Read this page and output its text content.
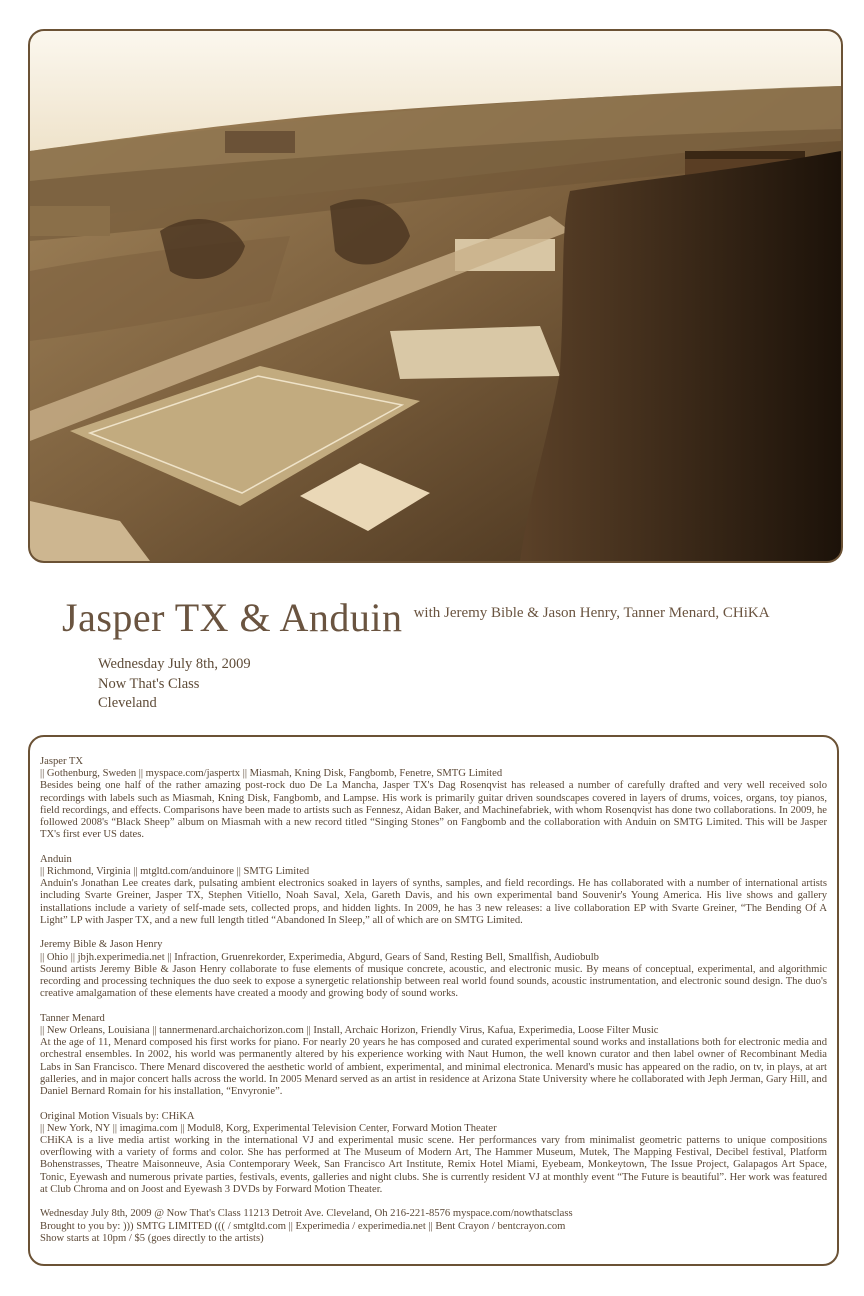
Jasper TX & Anduin with Jeremy Bible & Jason Henry, Tanner Menard, CHiKA
Wednesday July 8th, 2009
Now That's Class
Cleveland
Jasper TX
|| Gothenburg, Sweden || myspace.com/jaspertx || Miasmah, Kning Disk, Fangbomb, Fenetre, SMTG Limited
Besides being one half of the rather amazing post-rock duo De La Mancha, Jasper TX's Dag Rosenqvist has released a number of carefully drafted and very well received solo recordings with labels such as Miasmah, Kning Disk, Fangbomb, and Lampse. His work is primarily guitar driven soundscapes covered in layers of drums, voices, organs, toy pianos, field recordings, and effects. Comparisons have been made to artists such as Fennesz, Aidan Baker, and Machinefabriek, with whom Rosenqvist has done two collaborations. In 2009, he followed 2008's “Black Sheep” album on Miasmah with a new record titled “Singing Stones” on Fangbomb and the collaboration with Anduin on SMTG Limited. This will be Jasper TX's first ever US dates.
Anduin
|| Richmond, Virginia || mtgltd.com/anduinore || SMTG Limited
Anduin's Jonathan Lee creates dark, pulsating ambient electronics soaked in layers of synths, samples, and field recordings. He has collaborated with a number of international artists including Svarte Greiner, Jasper TX, Stephen Vitiello, Noah Saval, Xela, Gareth Davis, and his own experimental band Souvenir's Young America. His live shows and gallery installations include a variety of self-made sets, collected props, and hidden lights. In 2009, he has 3 new releases: a live collaboration EP with Svarte Greiner, “The Bending Of A Light” LP with Jasper TX, and a new full length titled “Abandoned In Sleep,” all of which are on SMTG Limited.
Jeremy Bible & Jason Henry
|| Ohio || jbjh.experimedia.net || Infraction, Gruenrekorder, Experimedia, Abgurd, Gears of Sand, Resting Bell, Smallfish, Audiobulb
Sound artists Jeremy Bible & Jason Henry collaborate to fuse elements of musique concrete, acoustic, and electronic music. By means of conceptual, experimental, and algorithmic recording and processing techniques the duo seek to expose a synergetic relationship between real world found sounds, acoustic instrumentation, and electronic sound design. The duo's creative amalgamation of these elements have created a moody and growing body of sound works.
Tanner Menard
|| New Orleans, Louisiana || tannermenard.archaichorizon.com || Install, Archaic Horizon, Friendly Virus, Kafua, Experimedia, Loose Filter Music
At the age of 11, Menard composed his first works for piano. For nearly 20 years he has composed and curated experimental sound works and installations both for electronic media and orchestral ensembles. In 2002, his world was permanently altered by his experience working with Naut Humon, the well known curator and then label owner of Recombinant Media Labs in San Francisco. There Menard discovered the aesthetic world of ambient, experimental, and minimal electronica. Menard's music has appeared on the radio, on tv, in plays, at art galleries, and in major concert halls across the world. In 2005 Menard served as an artist in residence at Arizona State University where he collaborated with Jeph Jerman, Gary Hill, and Daniel Bernard Romain for his installation, “Envyronie”.
Original Motion Visuals by: CHiKA
|| New York, NY || imagima.com || Modul8, Korg, Experimental Television Center, Forward Motion Theater
CHiKA is a live media artist working in the international VJ and experimental music scene. Her performances vary from minimalist geometric patterns to unique compositions overflowing with a variety of forms and color. She has performed at The Museum of Modern Art, The Hammer Museum, Mutek, The Mapping Festival, Decibel festival, Platform Bohenstrasses, Theatre Maisonneuve, Asia Contemporary Week, San Francisco Art Institute, Remix Hotel Miami, Eyebeam, Monkeytown, The Issue Project, Galapagos Art Space, Tonic, Eyewash and numerous private parties, festivals, events, galleries and night clubs. She is currently resident VJ at monthly event “The Future is beautiful”. Her work was featured at Club Chroma and on Joost and Eyewash 3 DVDs by Forward Motion Theater.
Wednesday July 8th, 2009 @ Now That's Class 11213 Detroit Ave. Cleveland, Oh 216-221-8576 myspace.com/nowthatsclass
Brought to you by: ))) SMTG LIMITED ((( / smtgltd.com || Experimedia / experimedia.net || Bent Crayon / bentcrayon.com
Show starts at 10pm / $5 (goes directly to the artists)
